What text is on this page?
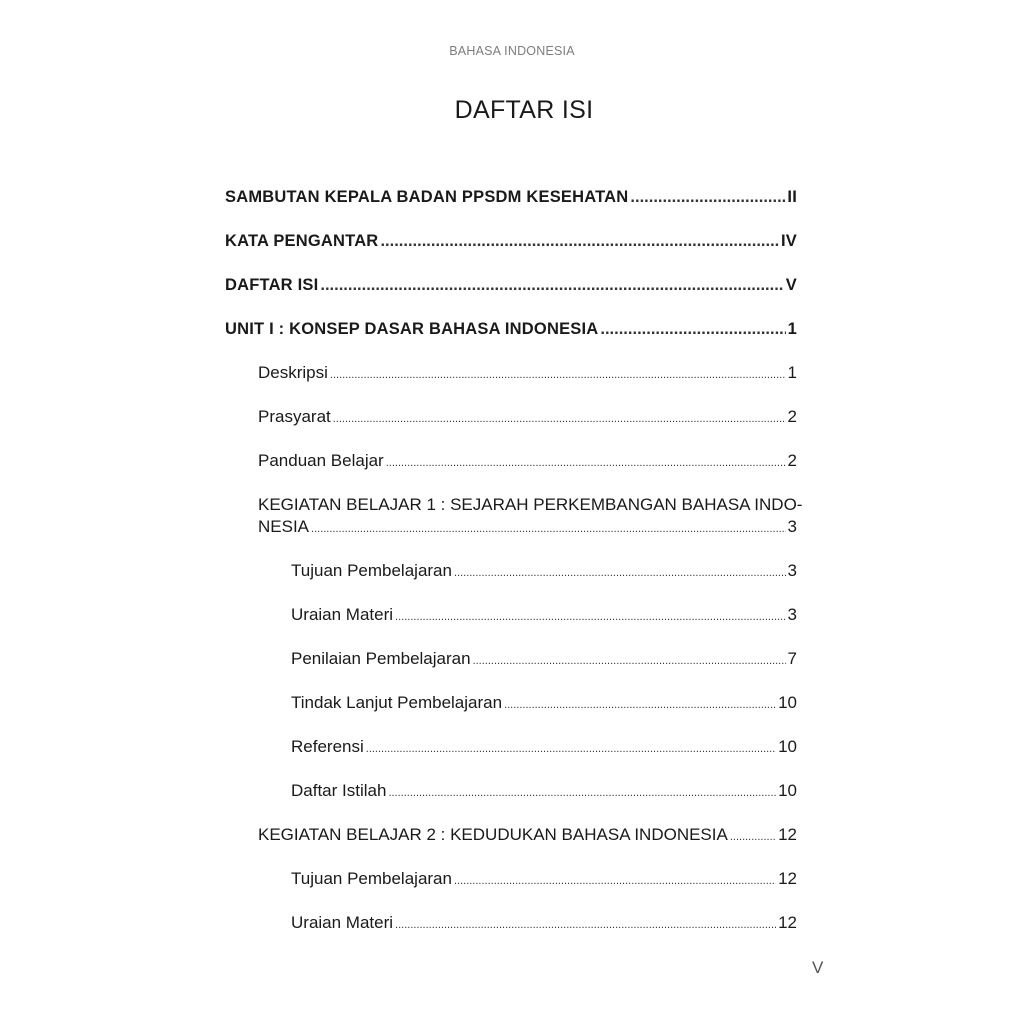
BAHASA INDONESIA
DAFTAR ISI
SAMBUTAN KEPALA BADAN PPSDM KESEHATAN .....	II
KATA PENGANTAR .....	IV
DAFTAR ISI .....	V
UNIT I : KONSEP DASAR BAHASA INDONESIA .....	1
Deskripsi .....	1
Prasyarat .....	2
Panduan Belajar .....	2
KEGIATAN BELAJAR 1 : SEJARAH PERKEMBANGAN BAHASA INDO-
NESIA .....	3
Tujuan Pembelajaran .....	3
Uraian Materi .....	3
Penilaian Pembelajaran .....	7
Tindak Lanjut Pembelajaran .....	10
Referensi .....	10
Daftar Istilah .....	10
KEGIATAN BELAJAR 2 : KEDUDUKAN BAHASA INDONESIA .....	12
Tujuan Pembelajaran .....	12
Uraian Materi .....	12
V
